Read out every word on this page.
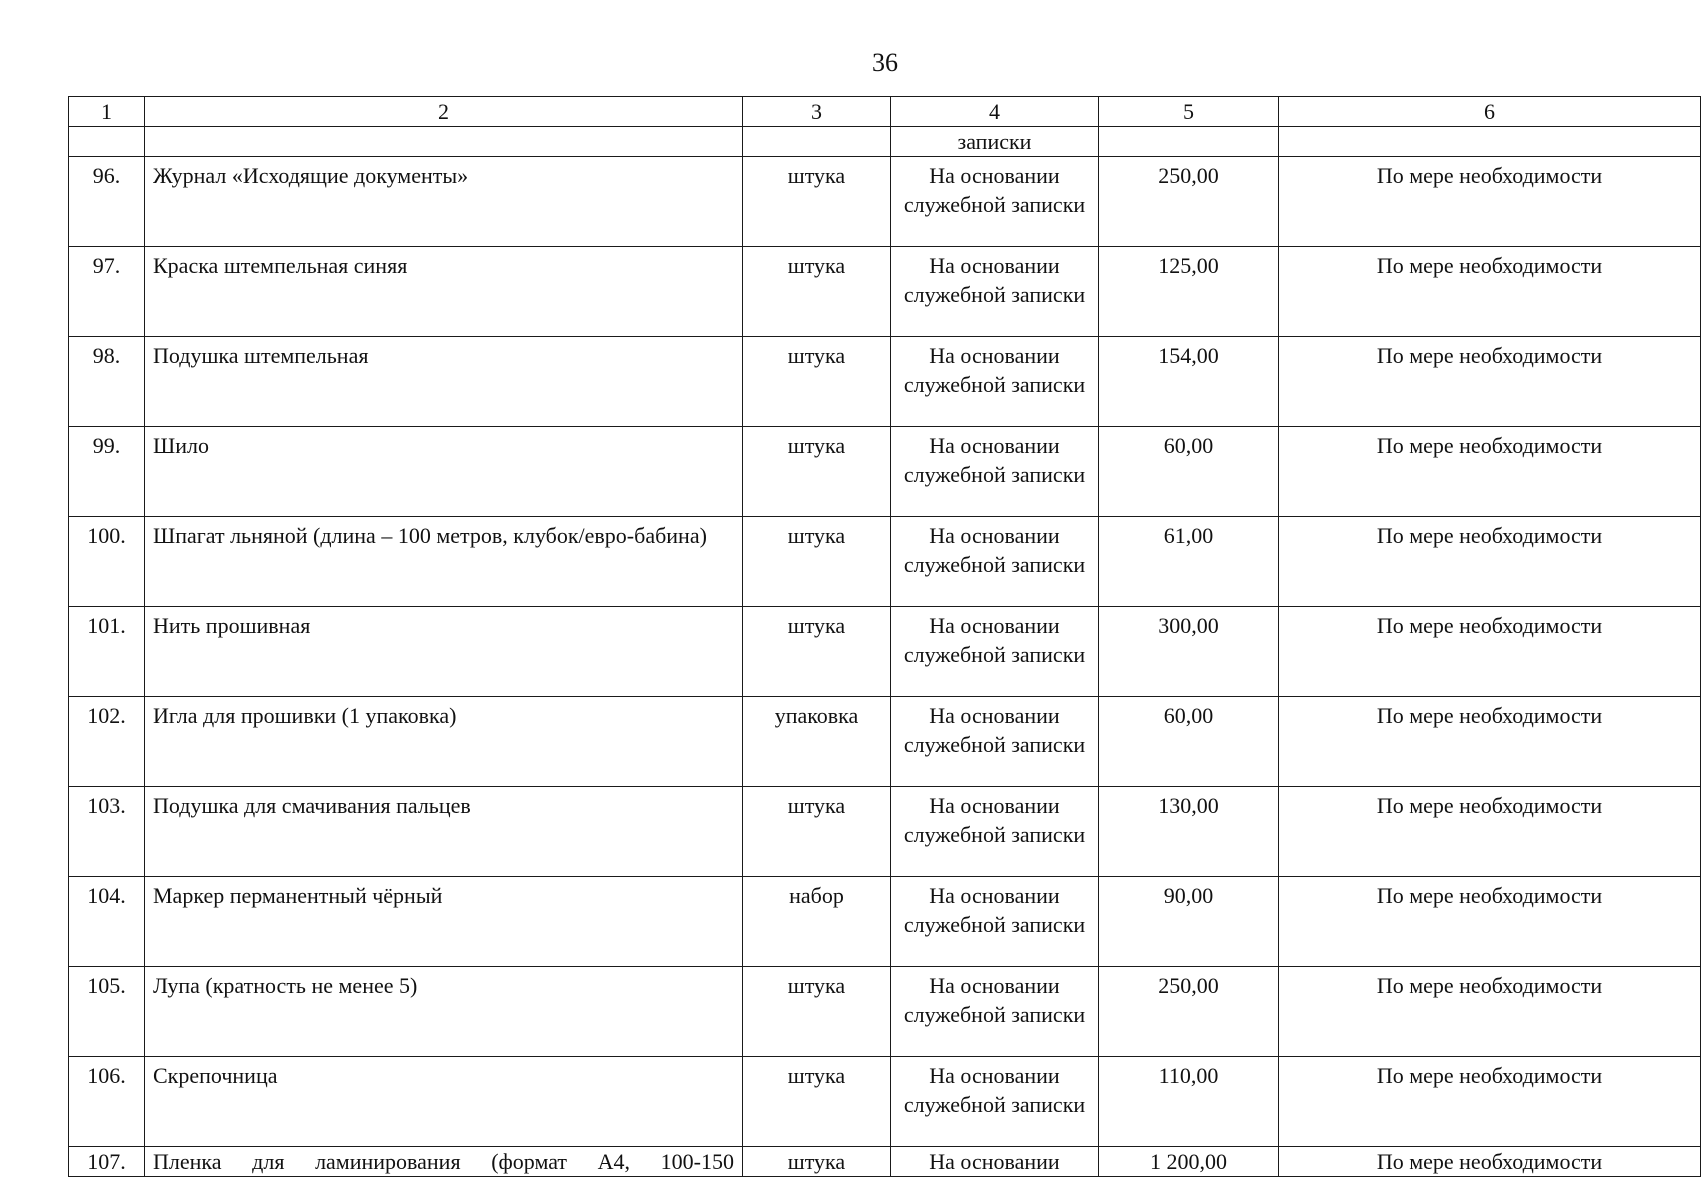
36
1	2	3	4	5	6
			записки		
96.	Журнал «Исходящие документы»	штука	На основании служебной записки	250,00	По мере необходимости
97.	Краска штемпельная синяя	штука	На основании служебной записки	125,00	По мере необходимости
98.	Подушка штемпельная	штука	На основании служебной записки	154,00	По мере необходимости
99.	Шило	штука	На основании служебной записки	60,00	По мере необходимости
100.	Шпагат льняной (длина – 100 метров, клубок/евро-бабина)	штука	На основании служебной записки	61,00	По мере необходимости
101.	Нить прошивная	штука	На основании служебной записки	300,00	По мере необходимости
102.	Игла для прошивки (1 упаковка)	упаковка	На основании служебной записки	60,00	По мере необходимости
103.	Подушка для смачивания пальцев	штука	На основании служебной записки	130,00	По мере необходимости
104.	Маркер перманентный чёрный	набор	На основании служебной записки	90,00	По мере необходимости
105.	Лупа (кратность не менее 5)	штука	На основании служебной записки	250,00	По мере необходимости
106.	Скрепочница	штука	На основании служебной записки	110,00	По мере необходимости
107.	Пленка для ламинирования (формат А4, 100-150	штука	На основании	1 200,00	По мере необходимости
